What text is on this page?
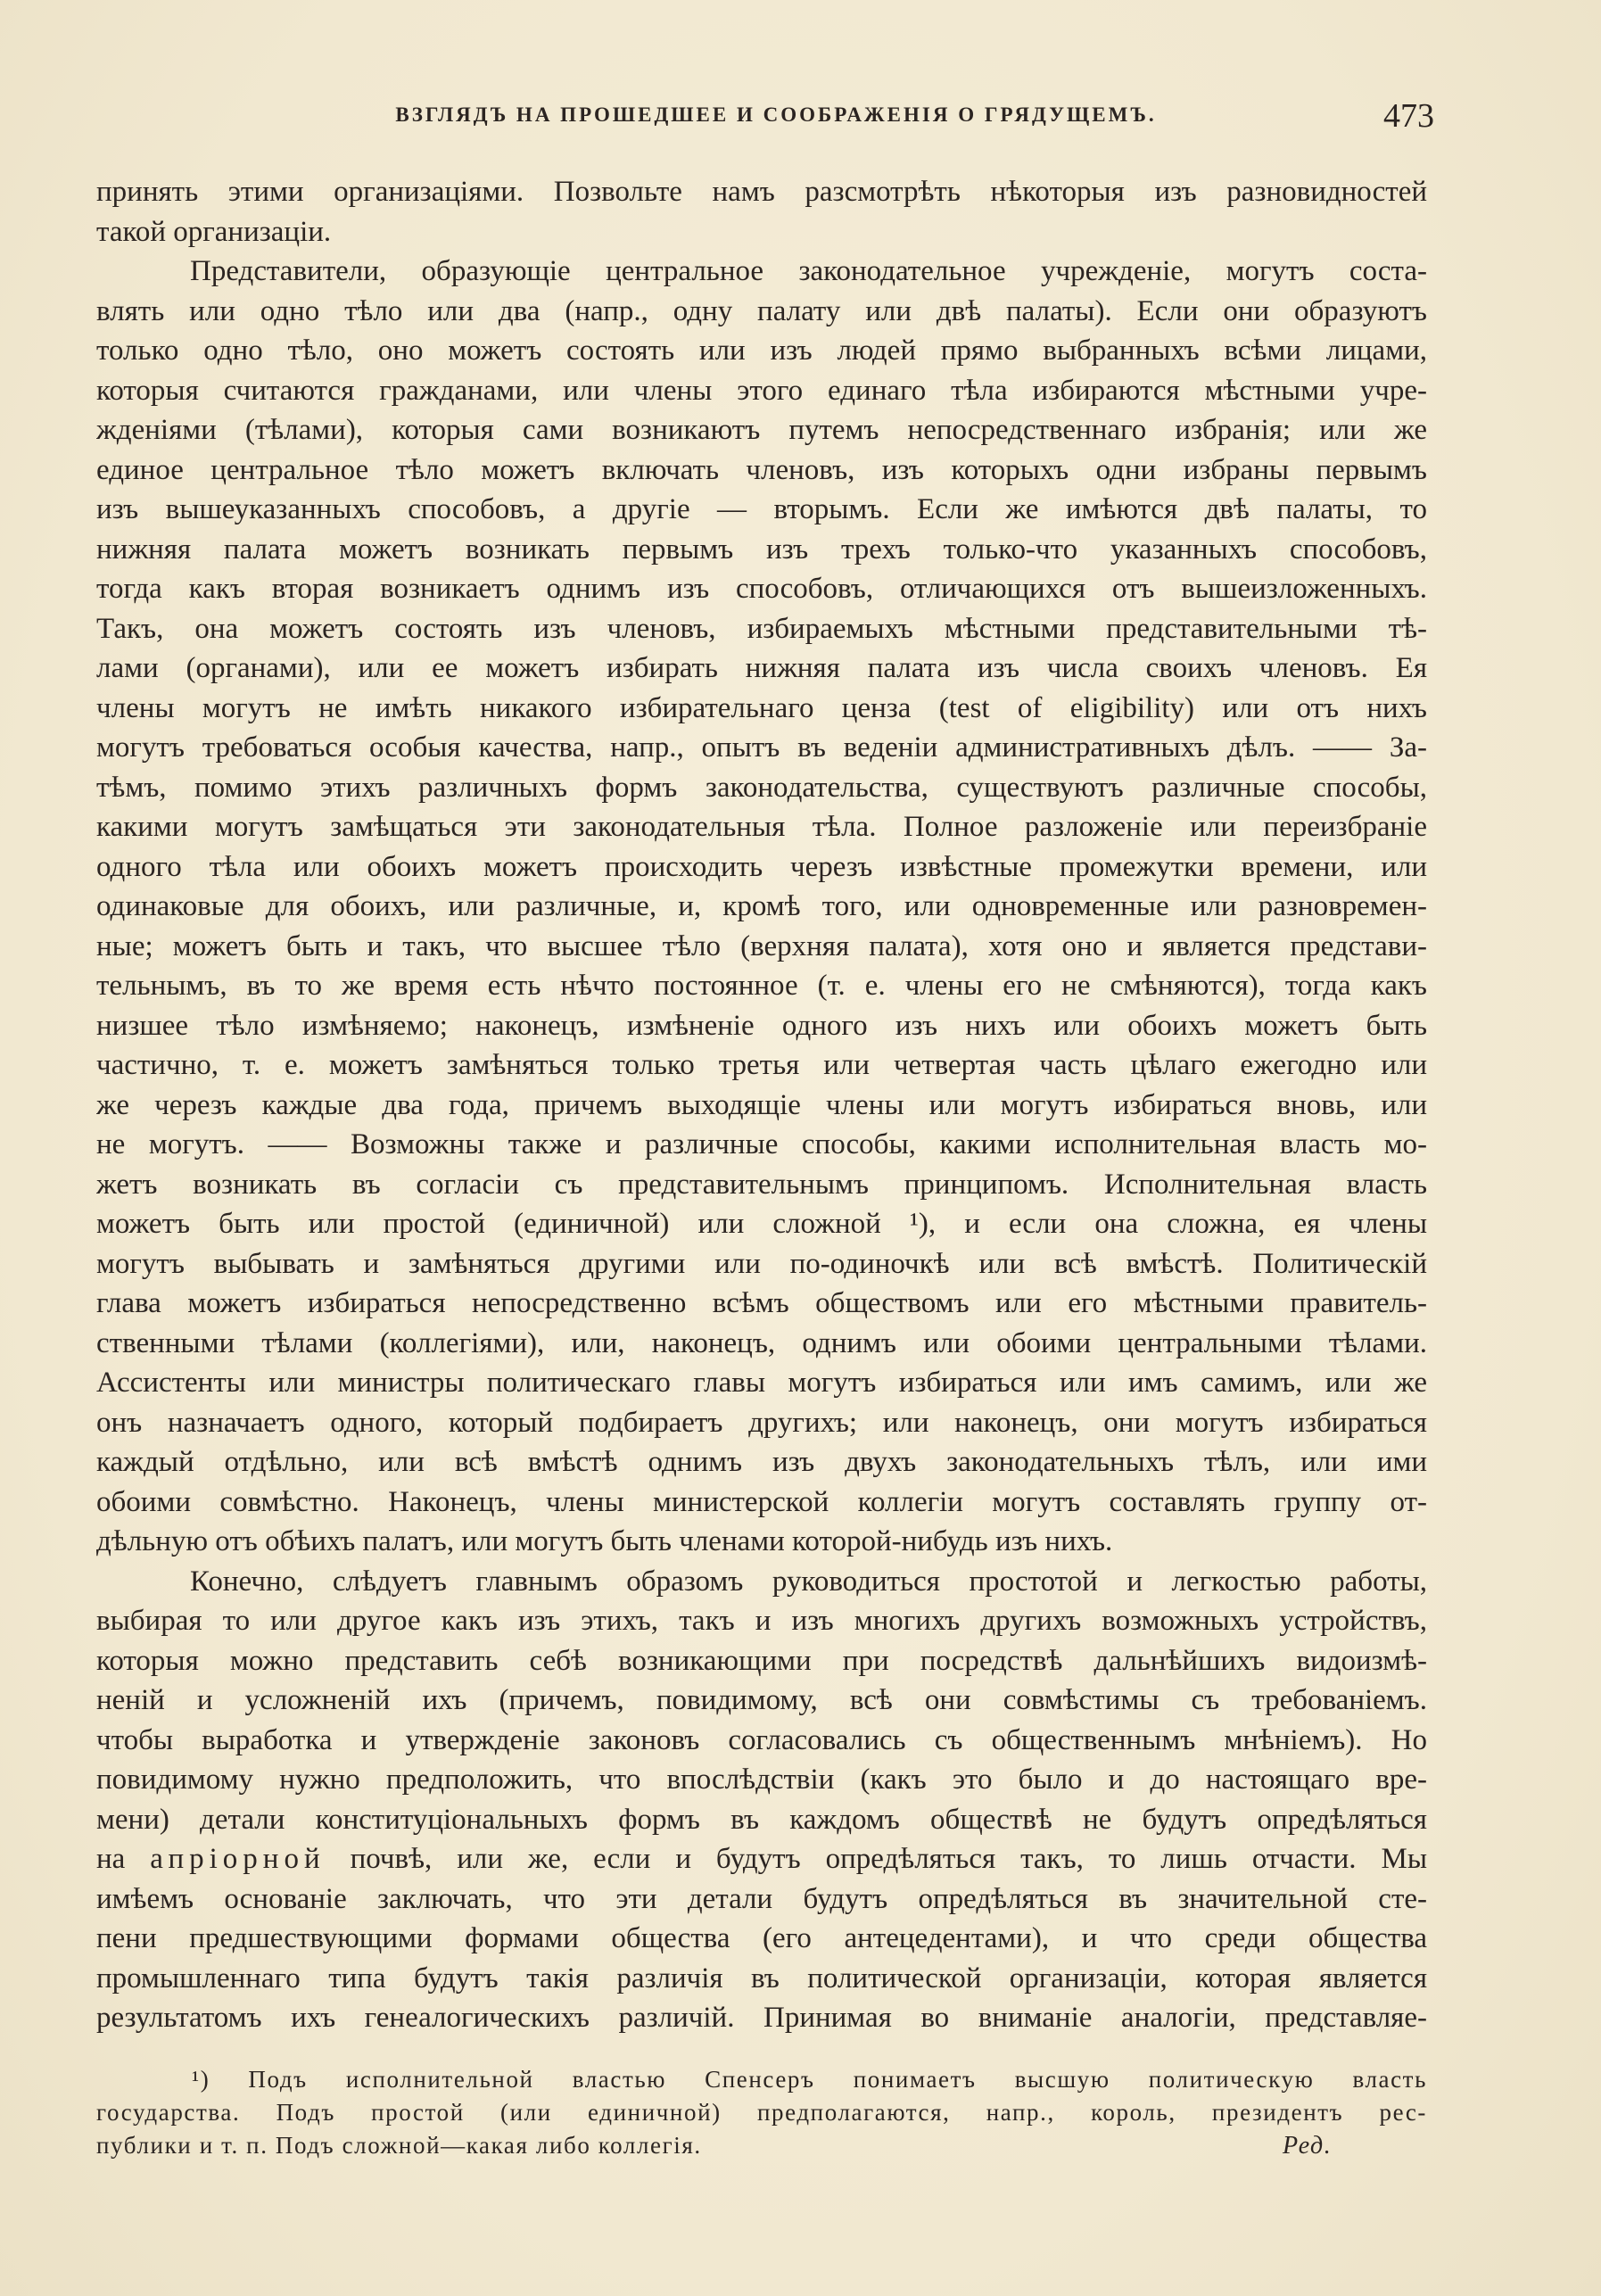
ВЗГЛЯДЪ НА ПРОШЕДШЕЕ И СООБРАЖЕНІЯ О ГРЯДУЩЕМЪ.	473
принять этими организаціями. Позвольте намъ разсмотрѣть нѣкоторыя изъ разновидностей
такой организаціи.
Представители, образующіе центральное законодательное учрежденіе, могутъ соста-
влять или одно тѣло или два (напр., одну палату или двѣ палаты). Если они образуютъ
только одно тѣло, оно можетъ состоять или изъ людей прямо выбранныхъ всѣми лицами,
которыя считаются гражданами, или члены этого единаго тѣла избираются мѣстными учре-
жденіями (тѣлами), которыя сами возникаютъ путемъ непосредственнаго избранія; или же
единое центральное тѣло можетъ включать членовъ, изъ которыхъ одни избраны первымъ
изъ вышеуказанныхъ способовъ, а другіе — вторымъ. Если же имѣются двѣ палаты, то
нижняя палата можетъ возникать первымъ изъ трехъ только-что указанныхъ способовъ,
тогда какъ вторая возникаетъ однимъ изъ способовъ, отличающихся отъ вышеизложенныхъ.
Такъ, она можетъ состоять изъ членовъ, избираемыхъ мѣстными представительными тѣ-
лами (органами), или ее можетъ избирать нижняя палата изъ числа своихъ членовъ. Ея
члены могутъ не имѣть никакого избирательнаго ценза (test of eligibility) или отъ нихъ
могутъ требоваться особыя качества, напр., опытъ въ веденіи административныхъ дѣлъ. —— За-
тѣмъ, помимо этихъ различныхъ формъ законодательства, существуютъ различные способы,
какими могутъ замѣщаться эти законодательныя тѣла. Полное разложеніе или переизбраніе
одного тѣла или обоихъ можетъ происходить черезъ извѣстные промежутки времени, или
одинаковые для обоихъ, или различные, и, кромѣ того, или одновременные или разновремен-
ные; можетъ быть и такъ, что высшее тѣло (верхняя палата), хотя оно и является представи-
тельнымъ, въ то же время есть нѣчто постоянное (т. е. члены его не смѣняются), тогда какъ
низшее тѣло измѣняемо; наконецъ, измѣненіе одного изъ нихъ или обоихъ можетъ быть
частично, т. е. можетъ замѣняться только третья или четвертая часть цѣлаго ежегодно или
же черезъ каждые два года, причемъ выходящіе члены или могутъ избираться вновь, или
не могутъ. —— Возможны также и различные способы, какими исполнительная власть мо-
жетъ возникать въ согласіи съ представительнымъ принципомъ. Исполнительная власть
можетъ быть или простой (единичной) или сложной ¹), и если она сложна, ея члены
могутъ выбывать и замѣняться другими или по-одиночкѣ или всѣ вмѣстѣ. Политическій
глава можетъ избираться непосредственно всѣмъ обществомъ или его мѣстными правитель-
ственными тѣлами (коллегіями), или, наконецъ, однимъ или обоими центральными тѣлами.
Ассистенты или министры политическаго главы могутъ избираться или имъ самимъ, или же
онъ назначаетъ одного, который подбираетъ другихъ; или наконецъ, они могутъ избираться
каждый отдѣльно, или всѣ вмѣстѣ однимъ изъ двухъ законодательныхъ тѣлъ, или ими
обоими совмѣстно. Наконецъ, члены министерской коллегіи могутъ составлять группу от-
дѣльную отъ обѣихъ палатъ, или могутъ быть членами которой-нибудь изъ нихъ.
Конечно, слѣдуетъ главнымъ образомъ руководиться простотой и легкостью работы,
выбирая то или другое какъ изъ этихъ, такъ и изъ многихъ другихъ возможныхъ устройствъ,
которыя можно представить себѣ возникающими при посредствѣ дальнѣйшихъ видоизмѣ-
неній и усложненій ихъ (причемъ, повидимому, всѣ они совмѣстимы съ требованіемъ.
чтобы выработка и утвержденіе законовъ согласовались съ общественнымъ мнѣніемъ). Но
повидимому нужно предположить, что впослѣдствіи (какъ это было и до настоящаго вре-
мени) детали конституціональныхъ формъ въ каждомъ обществѣ не будутъ опредѣляться
на апріорной почвѣ, или же, если и будутъ опредѣляться такъ, то лишь отчасти. Мы
имѣемъ основаніе заключать, что эти детали будутъ опредѣляться въ значительной сте-
пени предшествующими формами общества (его антецедентами), и что среди общества
промышленнаго типа будутъ такія различія въ политической организаціи, которая является
результатомъ ихъ генеалогическихъ различій. Принимая во вниманіе аналогіи, представляе-
¹) Подъ исполнительной властью Спенсеръ понимаетъ высшую политическую власть
государства. Подъ простой (или единичной) предполагаются, напр., король, президентъ рес-
публики и т. п. Подъ сложной—какая либо коллегія.	Ред.
